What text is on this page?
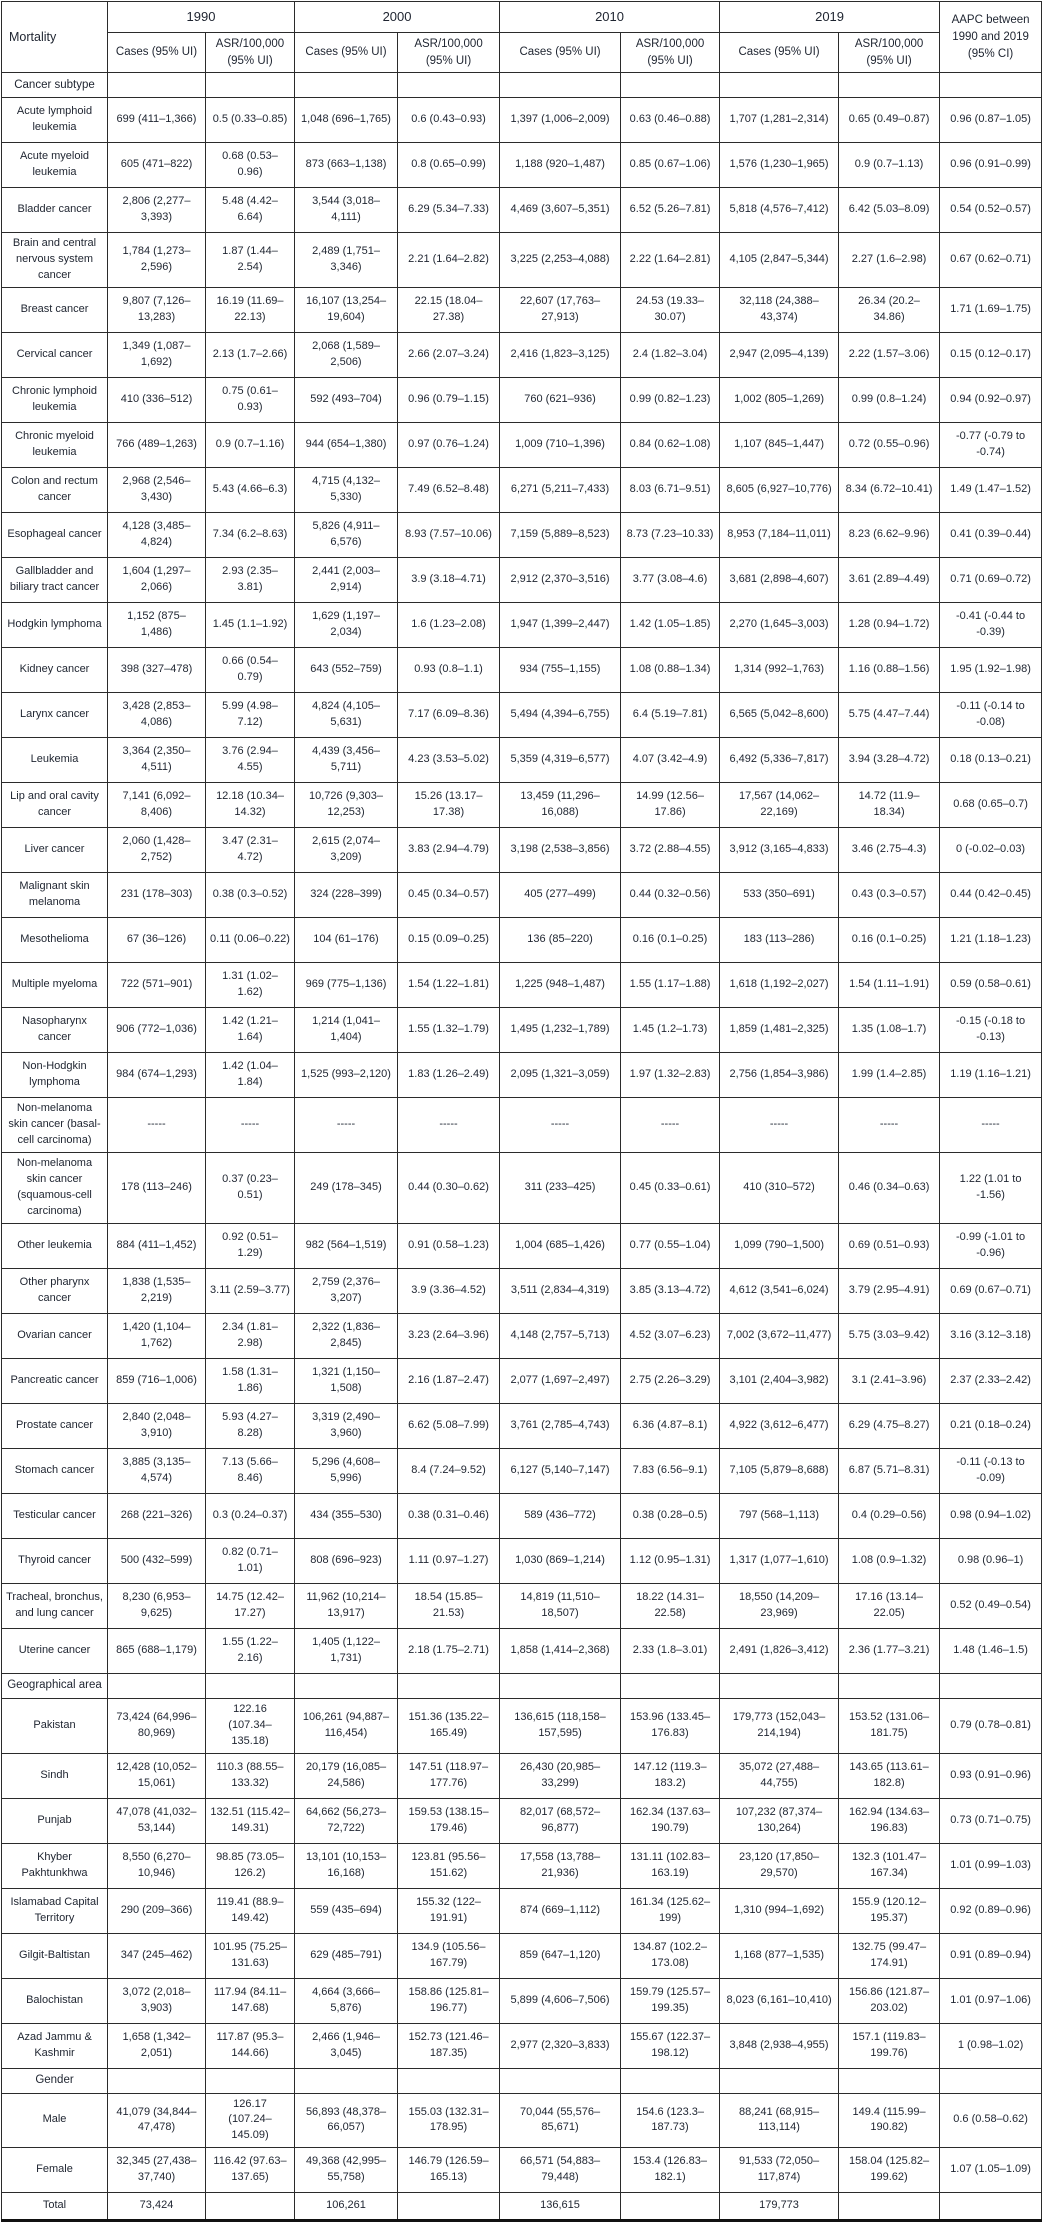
Mortality	1990		2000		2010		2019		AAPC between 1990 and 2019 (95% CI)
	Cases (95% UI)	ASR/100,000 (95% UI)	Cases (95% UI)	ASR/100,000 (95% UI)	Cases (95% UI)	ASR/100,000 (95% UI)	Cases (95% UI)	ASR/100,000 (95% UI)	
Cancer subtype									
Acute lymphoid leukemia	699 (411–1,366)	0.5 (0.33–0.85)	1,048 (696–1,765)	0.6 (0.43–0.93)	1,397 (1,006–2,009)	0.63 (0.46–0.88)	1,707 (1,281–2,314)	0.65 (0.49–0.87)	0.96 (0.87–1.05)
Acute myeloid leukemia	605 (471–822)	0.68 (0.53–0.96)	873 (663–1,138)	0.8 (0.65–0.99)	1,188 (920–1,487)	0.85 (0.67–1.06)	1,576 (1,230–1,965)	0.9 (0.7–1.13)	0.96 (0.91–0.99)
Bladder cancer	2,806 (2,277–3,393)	5.48 (4.42–6.64)	3,544 (3,018–4,111)	6.29 (5.34–7.33)	4,469 (3,607–5,351)	6.52 (5.26–7.81)	5,818 (4,576–7,412)	6.42 (5.03–8.09)	0.54 (0.52–0.57)
Brain and central nervous system cancer	1,784 (1,273–2,596)	1.87 (1.44–2.54)	2,489 (1,751–3,346)	2.21 (1.64–2.82)	3,225 (2,253–4,088)	2.22 (1.64–2.81)	4,105 (2,847–5,344)	2.27 (1.6–2.98)	0.67 (0.62–0.71)
Breast cancer	9,807 (7,126–13,283)	16.19 (11.69–22.13)	16,107 (13,254–19,604)	22.15 (18.04–27.38)	22,607 (17,763–27,913)	24.53 (19.33–30.07)	32,118 (24,388–43,374)	26.34 (20.2–34.86)	1.71 (1.69–1.75)
Cervical cancer	1,349 (1,087–1,692)	2.13 (1.7–2.66)	2,068 (1,589–2,506)	2.66 (2.07–3.24)	2,416 (1,823–3,125)	2.4 (1.82–3.04)	2,947 (2,095–4,139)	2.22 (1.57–3.06)	0.15 (0.12–0.17)
Chronic lymphoid leukemia	410 (336–512)	0.75 (0.61–0.93)	592 (493–704)	0.96 (0.79–1.15)	760 (621–936)	0.99 (0.82–1.23)	1,002 (805–1,269)	0.99 (0.8–1.24)	0.94 (0.92–0.97)
Chronic myeloid leukemia	766 (489–1,263)	0.9 (0.7–1.16)	944 (654–1,380)	0.97 (0.76–1.24)	1,009 (710–1,396)	0.84 (0.62–1.08)	1,107 (845–1,447)	0.72 (0.55–0.96)	-0.77 (-0.79 to -0.74)
Colon and rectum cancer	2,968 (2,546–3,430)	5.43 (4.66–6.3)	4,715 (4,132–5,330)	7.49 (6.52–8.48)	6,271 (5,211–7,433)	8.03 (6.71–9.51)	8,605 (6,927–10,776)	8.34 (6.72–10.41)	1.49 (1.47–1.52)
Esophageal cancer	4,128 (3,485–4,824)	7.34 (6.2–8.63)	5,826 (4,911–6,576)	8.93 (7.57–10.06)	7,159 (5,889–8,523)	8.73 (7.23–10.33)	8,953 (7,184–11,011)	8.23 (6.62–9.96)	0.41 (0.39–0.44)
Gallbladder and biliary tract cancer	1,604 (1,297–2,066)	2.93 (2.35–3.81)	2,441 (2,003–2,914)	3.9 (3.18–4.71)	2,912 (2,370–3,516)	3.77 (3.08–4.6)	3,681 (2,898–4,607)	3.61 (2.89–4.49)	0.71 (0.69–0.72)
Hodgkin lymphoma	1,152 (875–1,486)	1.45 (1.1–1.92)	1,629 (1,197–2,034)	1.6 (1.23–2.08)	1,947 (1,399–2,447)	1.42 (1.05–1.85)	2,270 (1,645–3,003)	1.28 (0.94–1.72)	-0.41 (-0.44 to -0.39)
Kidney cancer	398 (327–478)	0.66 (0.54–0.79)	643 (552–759)	0.93 (0.8–1.1)	934 (755–1,155)	1.08 (0.88–1.34)	1,314 (992–1,763)	1.16 (0.88–1.56)	1.95 (1.92–1.98)
Larynx cancer	3,428 (2,853–4,086)	5.99 (4.98–7.12)	4,824 (4,105–5,631)	7.17 (6.09–8.36)	5,494 (4,394–6,755)	6.4 (5.19–7.81)	6,565 (5,042–8,600)	5.75 (4.47–7.44)	-0.11 (-0.14 to -0.08)
Leukemia	3,364 (2,350–4,511)	3.76 (2.94–4.55)	4,439 (3,456–5,711)	4.23 (3.53–5.02)	5,359 (4,319–6,577)	4.07 (3.42–4.9)	6,492 (5,336–7,817)	3.94 (3.28–4.72)	0.18 (0.13–0.21)
Lip and oral cavity cancer	7,141 (6,092–8,406)	12.18 (10.34–14.32)	10,726 (9,303–12,253)	15.26 (13.17–17.38)	13,459 (11,296–16,088)	14.99 (12.56–17.86)	17,567 (14,062–22,169)	14.72 (11.9–18.34)	0.68 (0.65–0.7)
Liver cancer	2,060 (1,428–2,752)	3.47 (2.31–4.72)	2,615 (2,074–3,209)	3.83 (2.94–4.79)	3,198 (2,538–3,856)	3.72 (2.88–4.55)	3,912 (3,165–4,833)	3.46 (2.75–4.3)	0 (-0.02–0.03)
Malignant skin melanoma	231 (178–303)	0.38 (0.3–0.52)	324 (228–399)	0.45 (0.34–0.57)	405 (277–499)	0.44 (0.32–0.56)	533 (350–691)	0.43 (0.3–0.57)	0.44 (0.42–0.45)
Mesothelioma	67 (36–126)	0.11 (0.06–0.22)	104 (61–176)	0.15 (0.09–0.25)	136 (85–220)	0.16 (0.1–0.25)	183 (113–286)	0.16 (0.1–0.25)	1.21 (1.18–1.23)
Multiple myeloma	722 (571–901)	1.31 (1.02–1.62)	969 (775–1,136)	1.54 (1.22–1.81)	1,225 (948–1,487)	1.55 (1.17–1.88)	1,618 (1,192–2,027)	1.54 (1.11–1.91)	0.59 (0.58–0.61)
Nasopharynx cancer	906 (772–1,036)	1.42 (1.21–1.64)	1,214 (1,041–1,404)	1.55 (1.32–1.79)	1,495 (1,232–1,789)	1.45 (1.2–1.73)	1,859 (1,481–2,325)	1.35 (1.08–1.7)	-0.15 (-0.18 to -0.13)
Non-Hodgkin lymphoma	984 (674–1,293)	1.42 (1.04–1.84)	1,525 (993–2,120)	1.83 (1.26–2.49)	2,095 (1,321–3,059)	1.97 (1.32–2.83)	2,756 (1,854–3,986)	1.99 (1.4–2.85)	1.19 (1.16–1.21)
Non-melanoma skin cancer (basal-cell carcinoma)	-----	-----	-----	-----	-----	-----	-----	-----	-----
Non-melanoma skin cancer (squamous-cell carcinoma)	178 (113–246)	0.37 (0.23–0.51)	249 (178–345)	0.44 (0.30–0.62)	311 (233–425)	0.45 (0.33–0.61)	410 (310–572)	0.46 (0.34–0.63)	1.22 (1.01 to -1.56)
Other leukemia	884 (411–1,452)	0.92 (0.51–1.29)	982 (564–1,519)	0.91 (0.58–1.23)	1,004 (685–1,426)	0.77 (0.55–1.04)	1,099 (790–1,500)	0.69 (0.51–0.93)	-0.99 (-1.01 to -0.96)
Other pharynx cancer	1,838 (1,535–2,219)	3.11 (2.59–3.77)	2,759 (2,376–3,207)	3.9 (3.36–4.52)	3,511 (2,834–4,319)	3.85 (3.13–4.72)	4,612 (3,541–6,024)	3.79 (2.95–4.91)	0.69 (0.67–0.71)
Ovarian cancer	1,420 (1,104–1,762)	2.34 (1.81–2.98)	2,322 (1,836–2,845)	3.23 (2.64–3.96)	4,148 (2,757–5,713)	4.52 (3.07–6.23)	7,002 (3,672–11,477)	5.75 (3.03–9.42)	3.16 (3.12–3.18)
Pancreatic cancer	859 (716–1,006)	1.58 (1.31–1.86)	1,321 (1,150–1,508)	2.16 (1.87–2.47)	2,077 (1,697–2,497)	2.75 (2.26–3.29)	3,101 (2,404–3,982)	3.1 (2.41–3.96)	2.37 (2.33–2.42)
Prostate cancer	2,840 (2,048–3,910)	5.93 (4.27–8.28)	3,319 (2,490–3,960)	6.62 (5.08–7.99)	3,761 (2,785–4,743)	6.36 (4.87–8.1)	4,922 (3,612–6,477)	6.29 (4.75–8.27)	0.21 (0.18–0.24)
Stomach cancer	3,885 (3,135–4,574)	7.13 (5.66–8.46)	5,296 (4,608–5,996)	8.4 (7.24–9.52)	6,127 (5,140–7,147)	7.83 (6.56–9.1)	7,105 (5,879–8,688)	6.87 (5.71–8.31)	-0.11 (-0.13 to -0.09)
Testicular cancer	268 (221–326)	0.3 (0.24–0.37)	434 (355–530)	0.38 (0.31–0.46)	589 (436–772)	0.38 (0.28–0.5)	797 (568–1,113)	0.4 (0.29–0.56)	0.98 (0.94–1.02)
Thyroid cancer	500 (432–599)	0.82 (0.71–1.01)	808 (696–923)	1.11 (0.97–1.27)	1,030 (869–1,214)	1.12 (0.95–1.31)	1,317 (1,077–1,610)	1.08 (0.9–1.32)	0.98 (0.96–1)
Tracheal, bronchus, and lung cancer	8,230 (6,953–9,625)	14.75 (12.42–17.27)	11,962 (10,214–13,917)	18.54 (15.85–21.53)	14,819 (11,510–18,507)	18.22 (14.31–22.58)	18,550 (14,209–23,969)	17.16 (13.14–22.05)	0.52 (0.49–0.54)
Uterine cancer	865 (688–1,179)	1.55 (1.22–2.16)	1,405 (1,122–1,731)	2.18 (1.75–2.71)	1,858 (1,414–2,368)	2.33 (1.8–3.01)	2,491 (1,826–3,412)	2.36 (1.77–3.21)	1.48 (1.46–1.5)
Geographical area									
Pakistan	73,424 (64,996–80,969)	122.16 (107.34–135.18)	106,261 (94,887–116,454)	151.36 (135.22–165.49)	136,615 (118,158–157,595)	153.96 (133.45–176.83)	179,773 (152,043–214,194)	153.52 (131.06–181.75)	0.79 (0.78–0.81)
Sindh	12,428 (10,052–15,061)	110.3 (88.55–133.32)	20,179 (16,085–24,586)	147.51 (118.97–177.76)	26,430 (20,985–33,299)	147.12 (119.3–183.2)	35,072 (27,488–44,755)	143.65 (113.61–182.8)	0.93 (0.91–0.96)
Punjab	47,078 (41,032–53,144)	132.51 (115.42–149.31)	64,662 (56,273–72,722)	159.53 (138.15–179.46)	82,017 (68,572–96,877)	162.34 (137.63–190.79)	107,232 (87,374–130,264)	162.94 (134.63–196.83)	0.73 (0.71–0.75)
Khyber Pakhtunkhwa	8,550 (6,270–10,946)	98.85 (73.05–126.2)	13,101 (10,153–16,168)	123.81 (95.56–151.62)	17,558 (13,788–21,936)	131.11 (102.83–163.19)	23,120 (17,850–29,570)	132.3 (101.47–167.34)	1.01 (0.99–1.03)
Islamabad Capital Territory	290 (209–366)	119.41 (88.9–149.42)	559 (435–694)	155.32 (122–191.91)	874 (669–1,112)	161.34 (125.62–199)	1,310 (994–1,692)	155.9 (120.12–195.37)	0.92 (0.89–0.96)
Gilgit-Baltistan	347 (245–462)	101.95 (75.25–131.63)	629 (485–791)	134.9 (105.56–167.79)	859 (647–1,120)	134.87 (102.2–173.08)	1,168 (877–1,535)	132.75 (99.47–174.91)	0.91 (0.89–0.94)
Balochistan	3,072 (2,018–3,903)	117.94 (84.11–147.68)	4,664 (3,666–5,876)	158.86 (125.81–196.77)	5,899 (4,606–7,506)	159.79 (125.57–199.35)	8,023 (6,161–10,410)	156.86 (121.87–203.02)	1.01 (0.97–1.06)
Azad Jammu & Kashmir	1,658 (1,342–2,051)	117.87 (95.3–144.66)	2,466 (1,946–3,045)	152.73 (121.46–187.35)	2,977 (2,320–3,833)	155.67 (122.37–198.12)	3,848 (2,938–4,955)	157.1 (119.83–199.76)	1 (0.98–1.02)
Gender									
Male	41,079 (34,844–47,478)	126.17 (107.24–145.09)	56,893 (48,378–66,057)	155.03 (132.31–178.95)	70,044 (55,576–85,671)	154.6 (123.3–187.73)	88,241 (68,915–113,114)	149.4 (115.99–190.82)	0.6 (0.58–0.62)
Female	32,345 (27,438–37,740)	116.42 (97.63–137.65)	49,368 (42,995–55,758)	146.79 (126.59–165.13)	66,571 (54,883–79,448)	153.4 (126.83–182.1)	91,533 (72,050–117,874)	158.04 (125.82–199.62)	1.07 (1.05–1.09)
Total	73,424		106,261		136,615		179,773		
